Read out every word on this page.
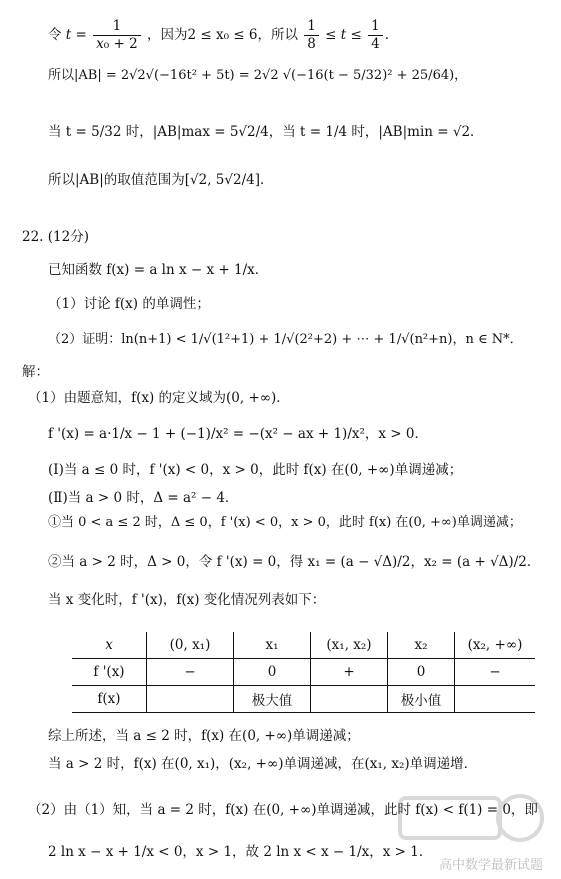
令 $t = \frac{1}{\text{x₀ + 2}}$ ，因为2 ≤ x₀ ≤ 6，所以 $\frac{1}{8} \le t \le \frac{1}{4}$ ．
所以|AB| = 2√2√(−16t² + 5t) = 2√2 √(−16(t − 5/32)² + 25/64)，
当 t = 5/32 时，|AB|max = 5√2/4，当 t = 1/4 时，|AB|min = √2．
所以|AB|的取值范围为[√2, 5√2/4]．
22. (12分)
已知函数 f(x) = a ln x − x + 1/x．
（1）讨论 f(x) 的单调性；
（2）证明：ln(n+1) < 1/√(1²+1) + 1/√(2²+2) + ⋯ + 1/√(n²+n)，n ∈ N*．
解：
（1）由题意知，f(x) 的定义域为(0, +∞)．
f '(x) = a·1/x − 1 + (−1)/x² = −(x² − ax + 1)/x²，x > 0．
(Ⅰ)当 a ≤ 0 时，f '(x) < 0，x > 0，此时 f(x) 在(0, +∞)单调递减；
(Ⅱ)当 a > 0 时，Δ = a² − 4．
①当 0 < a ≤ 2 时，Δ ≤ 0，f '(x) < 0，x > 0，此时 f(x) 在(0, +∞)单调递减；
②当 a > 2 时，Δ > 0，令 f '(x) = 0，得 x₁ = (a − √Δ)/2，x₂ = (a + √Δ)/2．
当 x 变化时，f '(x)，f(x) 变化情况列表如下：
x	(0, x₁)	x₁	(x₁, x₂)	x₂	(x₂, +∞)
f '(x)	−	0	+	0	−
f(x)		极大值		极小值	
综上所述，当 a ≤ 2 时，f(x) 在(0, +∞)单调递减；
当 a > 2 时，f(x) 在(0, x₁)，(x₂, +∞)单调递减，在(x₁, x₂)单调递增．
（2）由（1）知，当 a = 2 时，f(x) 在(0, +∞)单调递减，此时 f(x) < f(1) = 0，即
2 ln x − x + 1/x < 0，x > 1，故 2 ln x < x − 1/x，x > 1．
高中数学最新试题
